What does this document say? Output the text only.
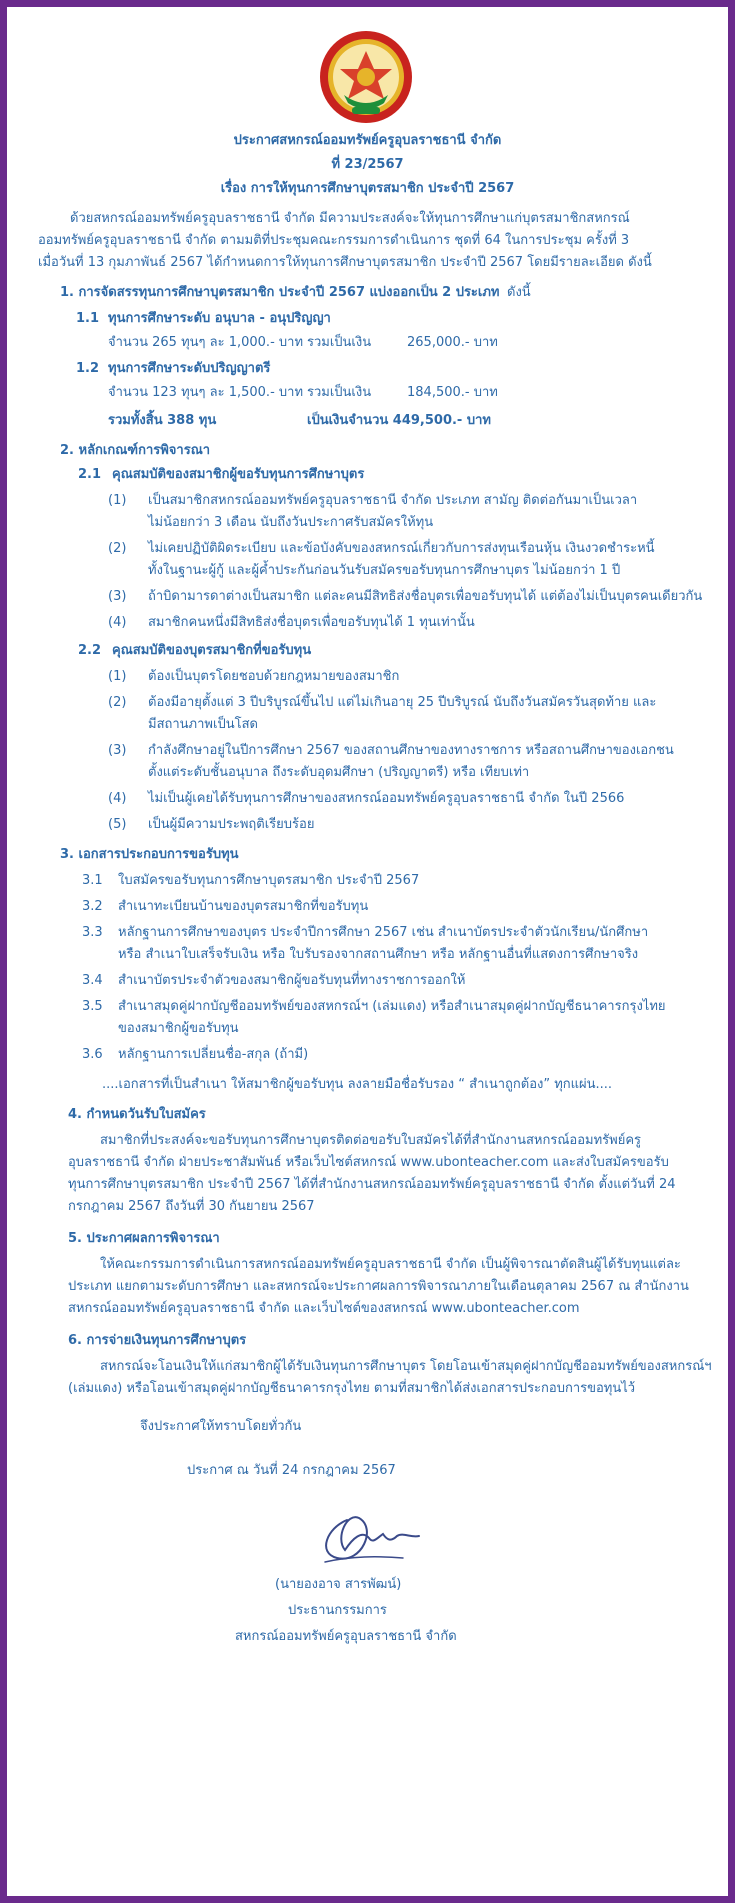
ประกาศสหกรณ์ออมทรัพย์ครูอุบลราชธานี จำกัด
ที่ 23/2567
เรื่อง การให้ทุนการศึกษาบุตรสมาชิก ประจำปี 2567
ด้วยสหกรณ์ออมทรัพย์ครูอุบลราชธานี จำกัด มีความประสงค์จะให้ทุนการศึกษาแก่บุตรสมาชิกสหกรณ์
ออมทรัพย์ครูอุบลราชธานี จำกัด ตามมติที่ประชุมคณะกรรมการดำเนินการ ชุดที่ 64 ในการประชุม ครั้งที่ 3
เมื่อวันที่ 13 กุมภาพันธ์ 2567 ได้กำหนดการให้ทุนการศึกษาบุตรสมาชิก ประจำปี 2567 โดยมีรายละเอียด ดังนี้
1. การจัดสรรทุนการศึกษาบุตรสมาชิก ประจำปี 2567 แบ่งออกเป็น 2 ประเภท ดังนี้
1.1 ทุนการศึกษาระดับ อนุบาล - อนุปริญญา
จำนวน 265 ทุนๆ ละ 1,000.- บาท รวมเป็นเงิน	265,000.- บาท
1.2 ทุนการศึกษาระดับปริญญาตรี
จำนวน 123 ทุนๆ ละ 1,500.- บาท รวมเป็นเงิน	184,500.- บาท
รวมทั้งสิ้น 388 ทุน	เป็นเงินจำนวน 449,500.- บาท
2. หลักเกณฑ์การพิจารณา
2.1 คุณสมบัติของสมาชิกผู้ขอรับทุนการศึกษาบุตร
(1) เป็นสมาชิกสหกรณ์ออมทรัพย์ครูอุบลราชธานี จำกัด ประเภท สามัญ ติดต่อกันมาเป็นเวลา
ไม่น้อยกว่า 3 เดือน นับถึงวันประกาศรับสมัครให้ทุน
(2) ไม่เคยปฏิบัติผิดระเบียบ และข้อบังคับของสหกรณ์เกี่ยวกับการส่งทุนเรือนหุ้น เงินงวดชำระหนี้
ทั้งในฐานะผู้กู้ และผู้ค้ำประกันก่อนวันรับสมัครขอรับทุนการศึกษาบุตร ไม่น้อยกว่า 1 ปี
(3) ถ้าบิดามารดาต่างเป็นสมาชิก แต่ละคนมีสิทธิส่งชื่อบุตรเพื่อขอรับทุนได้ แต่ต้องไม่เป็นบุตรคนเดียวกัน
(4) สมาชิกคนหนึ่งมีสิทธิส่งชื่อบุตรเพื่อขอรับทุนได้ 1 ทุนเท่านั้น
2.2 คุณสมบัติของบุตรสมาชิกที่ขอรับทุน
(1) ต้องเป็นบุตรโดยชอบด้วยกฎหมายของสมาชิก
(2) ต้องมีอายุตั้งแต่ 3 ปีบริบูรณ์ขึ้นไป แต่ไม่เกินอายุ 25 ปีบริบูรณ์ นับถึงวันสมัครวันสุดท้าย และ
มีสถานภาพเป็นโสด
(3) กำลังศึกษาอยู่ในปีการศึกษา 2567 ของสถานศึกษาของทางราชการ หรือสถานศึกษาของเอกชน
ตั้งแต่ระดับชั้นอนุบาล ถึงระดับอุดมศึกษา (ปริญญาตรี) หรือ เทียบเท่า
(4) ไม่เป็นผู้เคยได้รับทุนการศึกษาของสหกรณ์ออมทรัพย์ครูอุบลราชธานี จำกัด ในปี 2566
(5) เป็นผู้มีความประพฤติเรียบร้อย
3. เอกสารประกอบการขอรับทุน
3.1 ใบสมัครขอรับทุนการศึกษาบุตรสมาชิก ประจำปี 2567
3.2 สำเนาทะเบียนบ้านของบุตรสมาชิกที่ขอรับทุน
3.3 หลักฐานการศึกษาของบุตร ประจำปีการศึกษา 2567 เช่น สำเนาบัตรประจำตัวนักเรียน/นักศึกษา
หรือ สำเนาใบเสร็จรับเงิน หรือ ใบรับรองจากสถานศึกษา หรือ หลักฐานอื่นที่แสดงการศึกษาจริง
3.4 สำเนาบัตรประจำตัวของสมาชิกผู้ขอรับทุนที่ทางราชการออกให้
3.5 สำเนาสมุดคู่ฝากบัญชีออมทรัพย์ของสหกรณ์ฯ (เล่มแดง) หรือสำเนาสมุดคู่ฝากบัญชีธนาคารกรุงไทย
ของสมาชิกผู้ขอรับทุน
3.6 หลักฐานการเปลี่ยนชื่อ-สกุล (ถ้ามี)
....เอกสารที่เป็นสำเนา ให้สมาชิกผู้ขอรับทุน ลงลายมือชื่อรับรอง “ สำเนาถูกต้อง” ทุกแผ่น....
4. กำหนดวันรับใบสมัคร
สมาชิกที่ประสงค์จะขอรับทุนการศึกษาบุตรติดต่อขอรับใบสมัครได้ที่สำนักงานสหกรณ์ออมทรัพย์ครู
อุบลราชธานี จำกัด ฝ่ายประชาสัมพันธ์ หรือเว็บไซต์สหกรณ์ www.ubonteacher.com และส่งใบสมัครขอรับ
ทุนการศึกษาบุตรสมาชิก ประจำปี 2567 ได้ที่สำนักงานสหกรณ์ออมทรัพย์ครูอุบลราชธานี จำกัด ตั้งแต่วันที่ 24
กรกฎาคม 2567 ถึงวันที่ 30 กันยายน 2567
5. ประกาศผลการพิจารณา
ให้คณะกรรมการดำเนินการสหกรณ์ออมทรัพย์ครูอุบลราชธานี จำกัด เป็นผู้พิจารณาตัดสินผู้ได้รับทุนแต่ละ
ประเภท แยกตามระดับการศึกษา และสหกรณ์จะประกาศผลการพิจารณาภายในเดือนตุลาคม 2567 ณ สำนักงาน
สหกรณ์ออมทรัพย์ครูอุบลราชธานี จำกัด และเว็บไซต์ของสหกรณ์ www.ubonteacher.com
6. การจ่ายเงินทุนการศึกษาบุตร
สหกรณ์จะโอนเงินให้แก่สมาชิกผู้ได้รับเงินทุนการศึกษาบุตร โดยโอนเข้าสมุดคู่ฝากบัญชีออมทรัพย์ของสหกรณ์ฯ
(เล่มแดง) หรือโอนเข้าสมุดคู่ฝากบัญชีธนาคารกรุงไทย ตามที่สมาชิกได้ส่งเอกสารประกอบการขอทุนไว้
จึงประกาศให้ทราบโดยทั่วกัน
ประกาศ ณ วันที่ 24 กรกฎาคม 2567
(นายองอาจ สารพัฒน์)
ประธานกรรมการ
สหกรณ์ออมทรัพย์ครูอุบลราชธานี จำกัด
